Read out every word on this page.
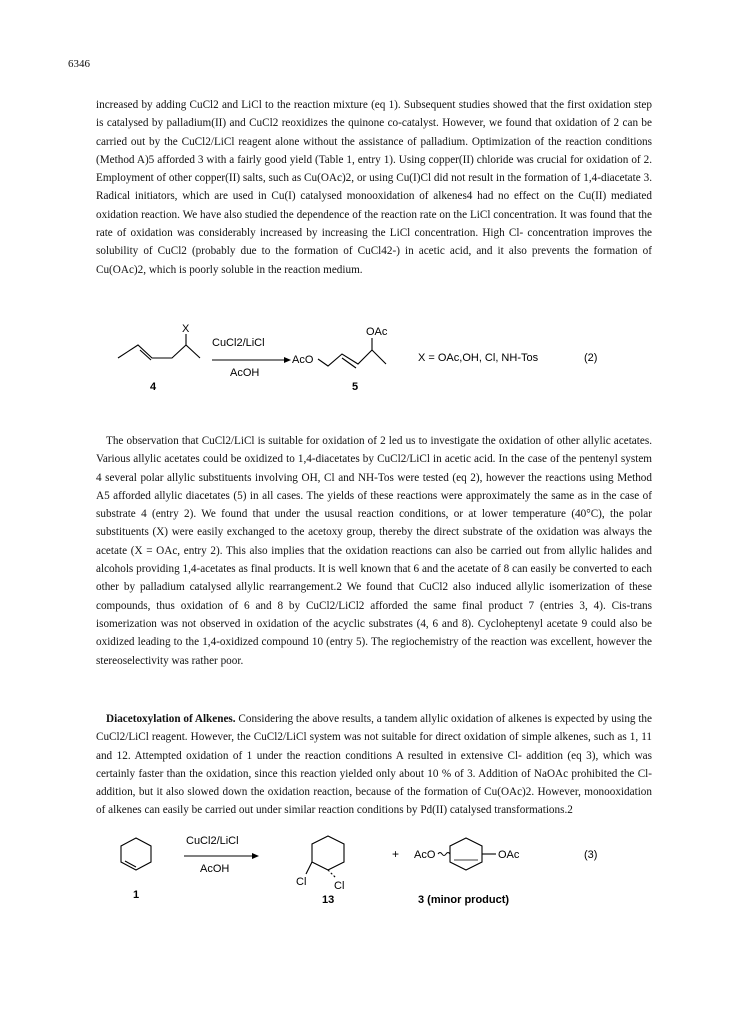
6346

increased by adding CuCl2 and LiCl to the reaction mixture (eq 1). Subsequent studies showed that the first oxidation step is catalysed by palladium(II) and CuCl2 reoxidizes the quinone co-catalyst. However, we found that oxidation of 2 can be carried out by the CuCl2/LiCl reagent alone without the assistance of palladium. Optimization of the reaction conditions (Method A)5 afforded 3 with a fairly good yield (Table 1, entry 1). Using copper(II) chloride was crucial for oxidation of 2. Employment of other copper(II) salts, such as Cu(OAc)2, or using Cu(I)Cl did not result in the formation of 1,4-diacetate 3. Radical initiators, which are used in Cu(I) catalysed monooxidation of alkenes4 had no effect on the Cu(II) mediated oxidation reaction. We have also studied the dependence of the reaction rate on the LiCl concentration. It was found that the rate of oxidation was considerably increased by increasing the LiCl concentration. High Cl- concentration improves the solubility of CuCl2 (probably due to the formation of CuCl42-) in acetic acid, and it also prevents the formation of Cu(OAc)2, which is poorly soluble in the reaction medium.

X
4
CuCl2/LiCl
AcOH
AcO
OAc
5
X = OAc,OH, Cl, NH-Tos	(2)

The observation that CuCl2/LiCl is suitable for oxidation of 2 led us to investigate the oxidation of other allylic acetates. Various allylic acetates could be oxidized to 1,4-diacetates by CuCl2/LiCl in acetic acid. In the case of the pentenyl system 4 several polar allylic substituents involving OH, Cl and NH-Tos were tested (eq 2), however the reactions using Method A5 afforded allylic diacetates (5) in all cases. The yields of these reactions were approximately the same as in the case of substrate 4 (entry 2). We found that under the ususal reaction conditions, or at lower temperature (40°C), the polar substituents (X) were easily exchanged to the acetoxy group, thereby the direct substrate of the oxidation was always the acetate (X = OAc, entry 2). This also implies that the oxidation reactions can also be carried out from allylic halides and alcohols providing 1,4-acetates as final products. It is well known that 6 and the acetate of 8 can easily be converted to each other by palladium catalysed allylic rearrangement.2 We found that CuCl2 also induced allylic isomerization of these compounds, thus oxidation of 6 and 8 by CuCl2/LiCl2 afforded the same final product 7 (entries 3, 4). Cis-trans isomerization was not observed in oxidation of the acyclic substrates (4, 6 and 8). Cycloheptenyl acetate 9 could also be oxidized leading to the 1,4-oxidized compound 10 (entry 5). The regiochemistry of the reaction was excellent, however the stereoselectivity was rather poor.

Diacetoxylation of Alkenes. Considering the above results, a tandem allylic oxidation of alkenes is expected by using the CuCl2/LiCl reagent. However, the CuCl2/LiCl system was not suitable for direct oxidation of simple alkenes, such as 1, 11 and 12. Attempted oxidation of 1 under the reaction conditions A resulted in extensive Cl- addition (eq 3), which was certainly faster than the oxidation, since this reaction yielded only about 10 % of 3. Addition of NaOAc prohibited the Cl- addition, but it also slowed down the oxidation reaction, because of the formation of Cu(OAc)2. However, monooxidation of alkenes can easily be carried out under similar reaction conditions by Pd(II) catalysed transformations.2

1
CuCl2/LiCl
AcOH
Cl	Cl
13
+ AcO	OAc
3 (minor product)
(3)
